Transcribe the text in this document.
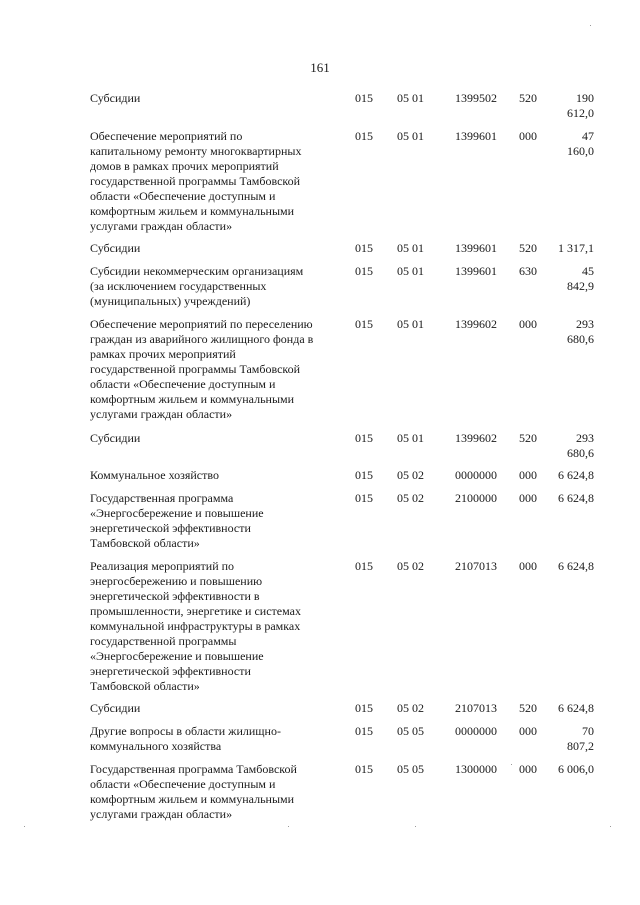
161
Субсидии	015	05 01	1399502	520	190 612,0
Обеспечение мероприятий по
капитальному ремонту многоквартирных
домов в рамках прочих мероприятий
государственной программы Тамбовской
области «Обеспечение доступным и
комфортным жильем и коммунальными
услугами граждан области»
015	05 01	1399601	000	47 160,0
Субсидии	015	05 01	1399601	520	1 317,1
Субсидии некоммерческим организациям
(за исключением государственных
(муниципальных) учреждений)
015	05 01	1399601	630	45 842,9
Обеспечение мероприятий по переселению
граждан из аварийного жилищного фонда в
рамках прочих мероприятий
государственной программы Тамбовской
области «Обеспечение доступным и
комфортным жильем и коммунальными
услугами граждан области»
015	05 01	1399602	000	293 680,6
Субсидии	015	05 01	1399602	520	293 680,6
Коммунальное хозяйство	015	05 02	0000000	000	6 624,8
Государственная программа
«Энергосбережение и повышение
энергетической эффективности
Тамбовской области»
015	05 02	2100000	000	6 624,8
Реализация мероприятий по
энергосбережению и повышению
энергетической эффективности в
промышленности, энергетике и системах
коммунальной инфраструктуры в рамках
государственной программы
«Энергосбережение и повышение
энергетической эффективности
Тамбовской области»
015	05 02	2107013	000	6 624,8
Субсидии	015	05 02	2107013	520	6 624,8
Другие вопросы в области жилищно-
коммунального хозяйства
015	05 05	0000000	000	70 807,2
Государственная программа Тамбовской
области «Обеспечение доступным и
комфортным жильем и коммунальными
услугами граждан области»
015	05 05	1300000	000	6 006,0
